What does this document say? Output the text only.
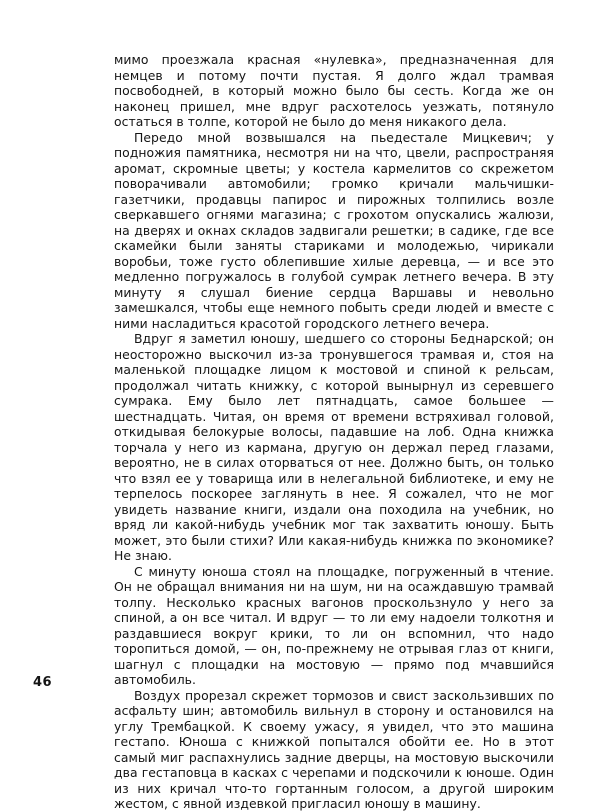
мимо проезжала красная «нулевка», предназначенная для немцев и потому почти пустая. Я долго ждал трамвая посвободней, в который можно было бы сесть. Когда же он наконец пришел, мне вдруг расхотелось уезжать, потянуло остаться в толпе, которой не было до меня никакого дела.

Передо мной возвышался на пьедестале Мицкевич; у подножия памятника, несмотря ни на что, цвели, распространяя аромат, скромные цветы; у костела кармелитов со скрежетом поворачивали автомобили; громко кричали мальчишки-газетчики, продавцы папирос и пирожных толпились возле сверкавшего огнями магазина; с грохотом опускались жалюзи, на дверях и окнах складов задвигали решетки; в садике, где все скамейки были заняты стариками и молодежью, чирикали воробьи, тоже густо облепившие хилые деревца, — и все это медленно погружалось в голубой сумрак летнего вечера. В эту минуту я слушал биение сердца Варшавы и невольно замешкался, чтобы еще немного побыть среди людей и вместе с ними насладиться красотой городского летнего вечера.

Вдруг я заметил юношу, шедшего со стороны Беднарской; он неосторожно выскочил из-за тронувшегося трамвая и, стоя на маленькой площадке лицом к мостовой и спиной к рельсам, продолжал читать книжку, с которой вынырнул из серевшего сумрака. Ему было лет пятнадцать, самое большее — шестнадцать. Читая, он время от времени встряхивал головой, откидывая белокурые волосы, падавшие на лоб. Одна книжка торчала у него из кармана, другую он держал перед глазами, вероятно, не в силах оторваться от нее. Должно быть, он только что взял ее у товарища или в нелегальной библиотеке, и ему не терпелось поскорее заглянуть в нее. Я сожалел, что не мог увидеть название книги, издали она походила на учебник, но вряд ли какой-нибудь учебник мог так захватить юношу. Быть может, это были стихи? Или какая-нибудь книжка по экономике? Не знаю.

С минуту юноша стоял на площадке, погруженный в чтение. Он не обращал внимания ни на шум, ни на осаждавшую трамвай толпу. Несколько красных вагонов проскользнуло у него за спиной, а он все читал. И вдруг — то ли ему надоели толкотня и раздавшиеся вокруг крики, то ли он вспомнил, что надо торопиться домой, — он, по-прежнему не отрывая глаз от книги, шагнул с площадки на мостовую — прямо под мчавшийся автомобиль.

Воздух прорезал скрежет тормозов и свист заскользивших по асфальту шин; автомобиль вильнул в сторону и остановился на углу Трембацкой. К своему ужасу, я увидел, что это машина гестапо. Юноша с книжкой попытался обойти ее. Но в этот самый миг распахнулись задние дверцы, на мостовую выскочили два гестаповца в касках с черепами и подскочили к юноше. Один из них кричал что-то гортанным голосом, а другой широким жестом, с явной издевкой пригласил юношу в машину.

46
